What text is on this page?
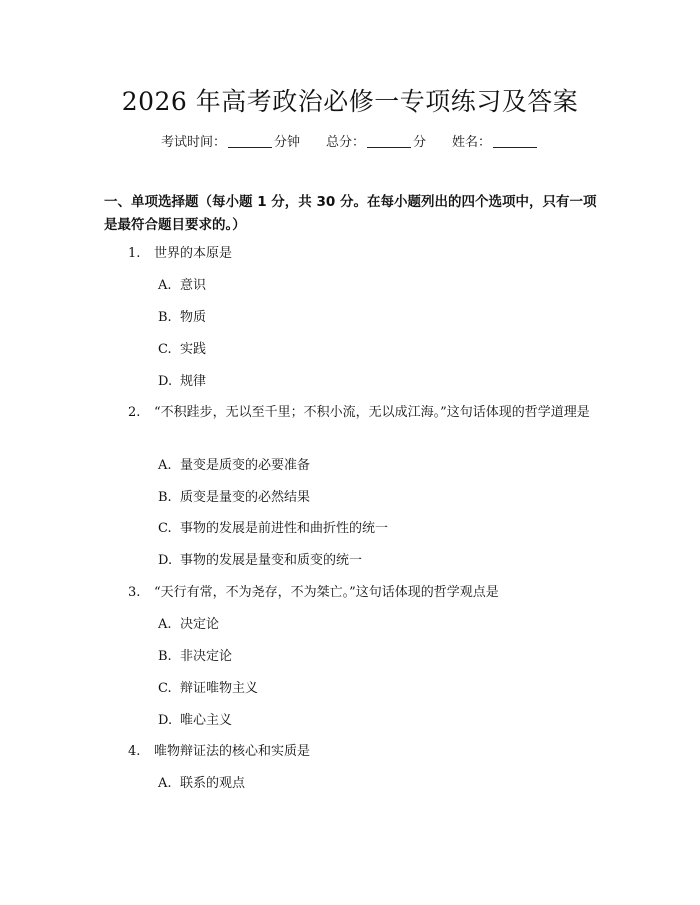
2026 年高考政治必修一专项练习及答案
考试时间：	分钟 总分：	分 姓名：
一、单项选择题（每小题 1 分，共 30 分。在每小题列出的四个选项中，只有一项是最符合题目要求的。）
1. 世界的本原是
A. 意识
B. 物质
C. 实践
D. 规律
2. “不积跬步，无以至千里；不积小流，无以成江海。”这句话体现的哲学道理是
A. 量变是质变的必要准备
B. 质变是量变的必然结果
C. 事物的发展是前进性和曲折性的统一
D. 事物的发展是量变和质变的统一
3. “天行有常，不为尧存，不为桀亡。”这句话体现的哲学观点是
A. 决定论
B. 非决定论
C. 辩证唯物主义
D. 唯心主义
4. 唯物辩证法的核心和实质是
A. 联系的观点
